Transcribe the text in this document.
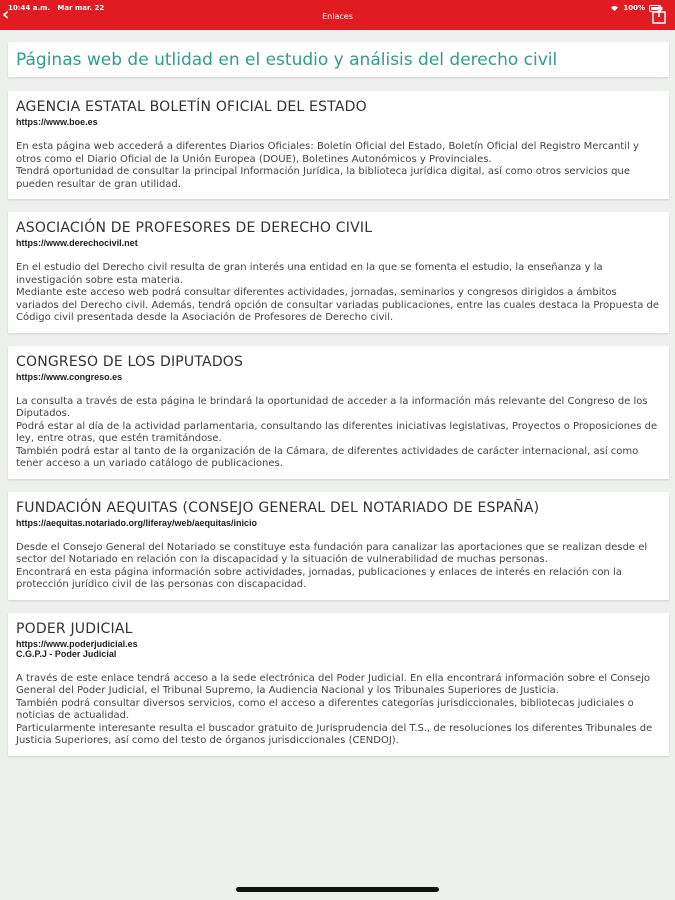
10:44 a.m. Mar mar. 22
‹	Enlaces
100%
Páginas web de utlidad en el estudio y análisis del derecho civil

AGENCIA ESTATAL BOLETÍN OFICIAL DEL ESTADO

https://www.boe.es

En esta página web accederá a diferentes Diarios Oficiales: Boletín Oficial del Estado, Boletín Oficial del Registro Mercantil y otros como el Diario Oficial de la Unión Europea (DOUE), Boletines Autonómicos y Provinciales.
Tendrá oportunidad de consultar la principal Información Jurídica, la biblioteca jurídica digital, así como otros servicios que pueden resultar de gran utilidad.

ASOCIACIÓN DE PROFESORES DE DERECHO CIVIL

https://www.derechocivil.net

En el estudio del Derecho civil resulta de gran interés una entidad en la que se fomenta el estudio, la enseñanza y la investigación sobre esta materia.
Mediante este acceso web podrá consultar diferentes actividades, jornadas, seminarios y congresos dirigidos a ámbitos variados del Derecho civil. Además, tendrá opción de consultar variadas publicaciones, entre las cuales destaca la Propuesta de Código civil presentada desde la Asociación de Profesores de Derecho civil.

CONGRESO DE LOS DIPUTADOS

https://www.congreso.es

La consulta a través de esta página le brindará la oportunidad de acceder a la información más relevante del Congreso de los Diputados.
Podrá estar al día de la actividad parlamentaria, consultando las diferentes iniciativas legislativas, Proyectos o Proposiciones de ley, entre otras, que estén tramitándose.
También podrá estar al tanto de la organización de la Cámara, de diferentes actividades de carácter internacional, así como tener acceso a un variado catálogo de publicaciones.

FUNDACIÓN AEQUITAS (CONSEJO GENERAL DEL NOTARIADO DE ESPAÑA)

https://aequitas.notariado.org/liferay/web/aequitas/inicio

Desde el Consejo General del Notariado se constituye esta fundación para canalizar las aportaciones que se realizan desde el sector del Notariado en relación con la discapacidad y la situación de vulnerabilidad de muchas personas.
Encontrará en esta página información sobre actividades, jornadas, publicaciones y enlaces de interés en relación con la protección jurídico civil de las personas con discapacidad.

PODER JUDICIAL

https://www.poderjudicial.es

C.G.P.J - Poder Judicial

A través de este enlace tendrá acceso a la sede electrónica del Poder Judicial. En ella encontrará información sobre el Consejo General del Poder Judicial, el Tribunal Supremo, la Audiencia Nacional y los Tribunales Superiores de Justicia.
También podrá consultar diversos servicios, como el acceso a diferentes categorías jurisdiccionales, bibliotecas judiciales o noticias de actualidad.
Particularmente interesante resulta el buscador gratuito de Jurisprudencia del T.S., de resoluciones los diferentes Tribunales de Justicia Superiores, así como del testo de órganos jurisdiccionales (CENDOJ).
